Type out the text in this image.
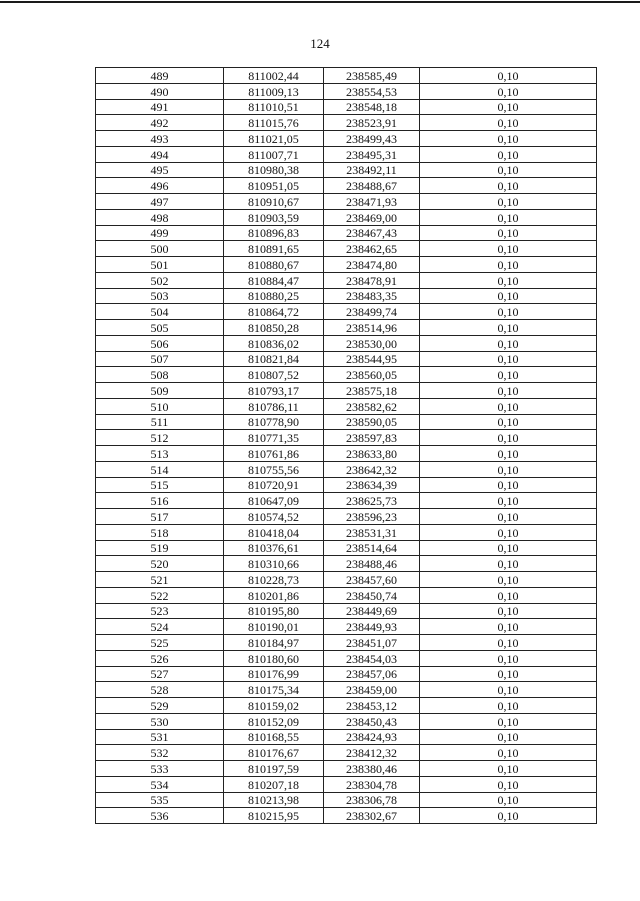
124
489	811002,44	238585,49	0,10
490	811009,13	238554,53	0,10
491	811010,51	238548,18	0,10
492	811015,76	238523,91	0,10
493	811021,05	238499,43	0,10
494	811007,71	238495,31	0,10
495	810980,38	238492,11	0,10
496	810951,05	238488,67	0,10
497	810910,67	238471,93	0,10
498	810903,59	238469,00	0,10
499	810896,83	238467,43	0,10
500	810891,65	238462,65	0,10
501	810880,67	238474,80	0,10
502	810884,47	238478,91	0,10
503	810880,25	238483,35	0,10
504	810864,72	238499,74	0,10
505	810850,28	238514,96	0,10
506	810836,02	238530,00	0,10
507	810821,84	238544,95	0,10
508	810807,52	238560,05	0,10
509	810793,17	238575,18	0,10
510	810786,11	238582,62	0,10
511	810778,90	238590,05	0,10
512	810771,35	238597,83	0,10
513	810761,86	238633,80	0,10
514	810755,56	238642,32	0,10
515	810720,91	238634,39	0,10
516	810647,09	238625,73	0,10
517	810574,52	238596,23	0,10
518	810418,04	238531,31	0,10
519	810376,61	238514,64	0,10
520	810310,66	238488,46	0,10
521	810228,73	238457,60	0,10
522	810201,86	238450,74	0,10
523	810195,80	238449,69	0,10
524	810190,01	238449,93	0,10
525	810184,97	238451,07	0,10
526	810180,60	238454,03	0,10
527	810176,99	238457,06	0,10
528	810175,34	238459,00	0,10
529	810159,02	238453,12	0,10
530	810152,09	238450,43	0,10
531	810168,55	238424,93	0,10
532	810176,67	238412,32	0,10
533	810197,59	238380,46	0,10
534	810207,18	238304,78	0,10
535	810213,98	238306,78	0,10
536	810215,95	238302,67	0,10
